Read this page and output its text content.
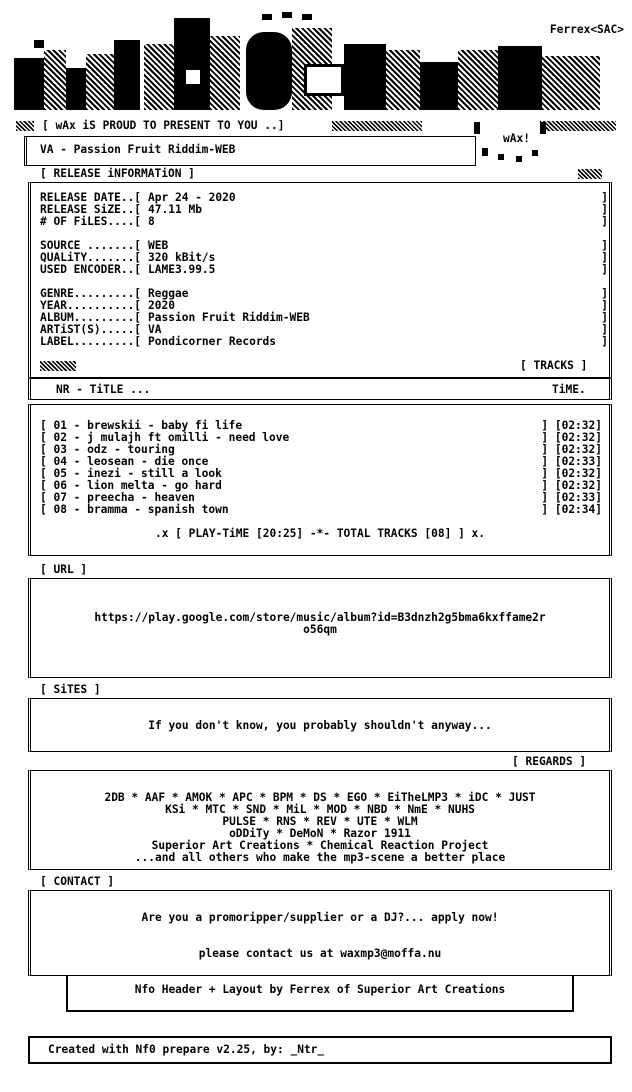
Ferrex<SAC>
[ wAx iS PROUD TO PRESENT TO YOU ..]
wAx!
VA - Passion Fruit Riddim-WEB
[ RELEASE iNFORMATiON ]
RELEASE DATE..[ Apr 24 - 2020	]
RELEASE SiZE..[ 47.11 Mb	]
# OF FiLES....[ 8	]
SOURCE .......[ WEB	]
QUALiTY.......[ 320 kBit/s	]
USED ENCODER..[ LAME3.99.5	]
GENRE.........[ Reggae	]
YEAR..........[ 2020	]
ALBUM.........[ Passion Fruit Riddim-WEB	]
ARTiST(S).....[ VA	]
LABEL.........[ Pondicorner Records	]
[ TRACKS ]
NR - TiTLE ...	TiME.
[ 01 - brewskii - baby fi life	] [02:32]
[ 02 - j mulajh ft omilli - need love	] [02:32]
[ 03 - odz - touring	] [02:32]
[ 04 - leosean - die once	] [02:33]
[ 05 - inezi - still a look	] [02:32]
[ 06 - lion melta - go hard	] [02:32]
[ 07 - preecha - heaven	] [02:33]
[ 08 - bramma - spanish town	] [02:34]
.x [ PLAY-TiME [20:25] -*- TOTAL TRACKS [08] ] x.
[ URL ]
https://play.google.com/store/music/album?id=B3dnzh2g5bma6kxffame2r
o56qm
[ SiTES ]
If you don't know, you probably shouldn't anyway...
[ REGARDS ]
2DB * AAF * AMOK * APC * BPM * DS * EGO * EiTheLMP3 * iDC * JUST
KSi * MTC * SND * MiL * MOD * NBD * NmE * NUHS
PULSE * RNS * REV * UTE * WLM
oDDiTy * DeMoN * Razor 1911
Superior Art Creations * Chemical Reaction Project
...and all others who make the mp3-scene a better place
[ CONTACT ]
Are you a promoripper/supplier or a DJ?... apply now!
please contact us at waxmp3@moffa.nu
Nfo Header + Layout by Ferrex of Superior Art Creations
Created with Nf0 prepare v2.25, by: _Ntr_
